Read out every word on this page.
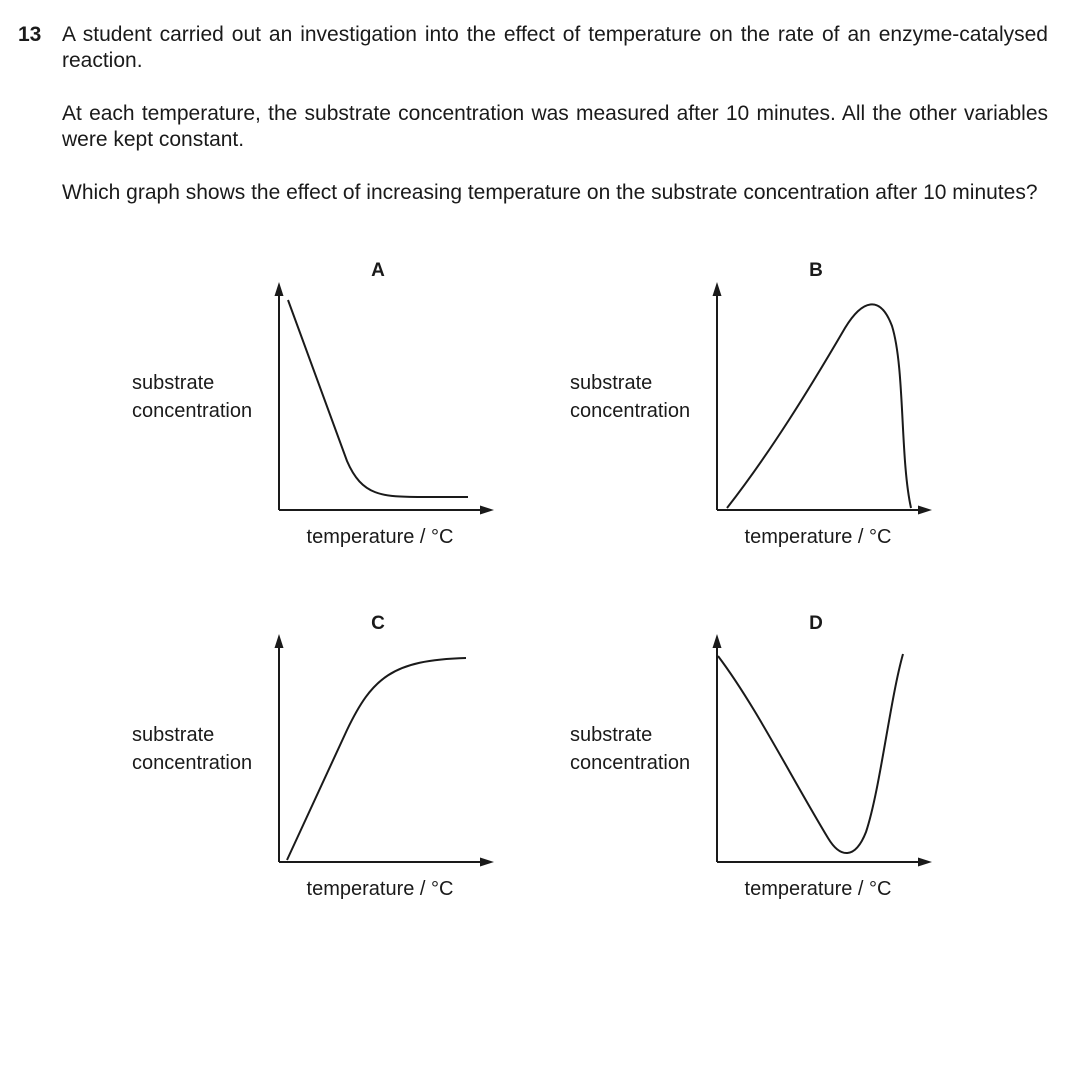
13 A student carried out an investigation into the effect of temperature on the rate of an enzyme-catalysed reaction.
At each temperature, the substrate concentration was measured after 10 minutes. All the other variables were kept constant.
Which graph shows the effect of increasing temperature on the substrate concentration after 10 minutes?
A
substrate
concentration
temperature / °C
B
substrate
concentration
temperature / °C
C
substrate
concentration
temperature / °C
D
substrate
concentration
temperature / °C
